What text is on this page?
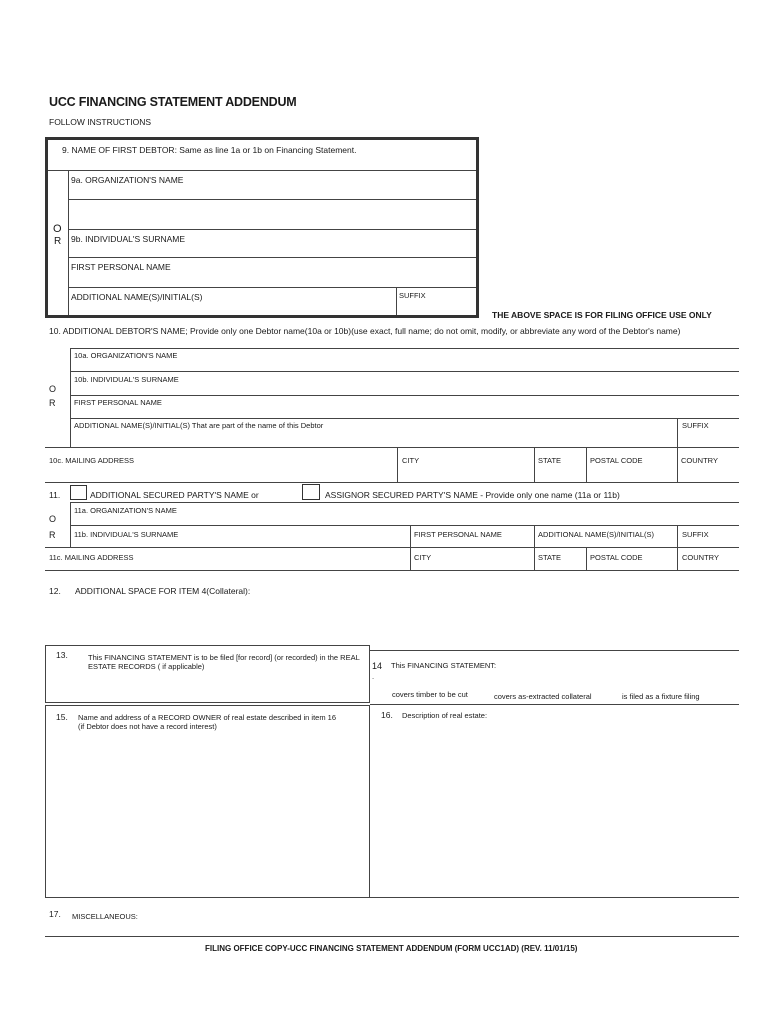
UCC FINANCING STATEMENT ADDENDUM
FOLLOW INSTRUCTIONS
9. NAME OF FIRST DEBTOR: Same as line 1a or 1b on Financing Statement.
9a. ORGANIZATION'S NAME
O
R 9b. INDIVIDUAL'S SURNAME
FIRST PERSONAL NAME
ADDITIONAL NAME(S)/INITIAL(S)	SUFFIX
THE ABOVE SPACE IS FOR FILING OFFICE USE ONLY
10. ADDITIONAL DEBTOR'S NAME; Provide only one Debtor name(10a or 10b)(use exact, full name; do not omit, modify, or abbreviate any word of the Debtor's name)
10a. ORGANIZATION'S NAME
O
R
10b. INDIVIDUAL'S SURNAME
FIRST PERSONAL NAME
ADDITIONAL NAME(S)/INITIAL(S) That are part of the name of this Debtor	SUFFIX
10c. MAILING ADDRESS	CITY	STATE	POSTAL CODE	COUNTRY
11.	ADDITIONAL SECURED PARTY'S NAME or	ASSIGNOR SECURED PARTY'S NAME - Provide only one name (11a or 11b)
11a. ORGANIZATION'S NAME
O
R 11b. INDIVIDUAL'S SURNAME	FIRST PERSONAL NAME	ADDITIONAL NAME(S)/INITIAL(S)	SUFFIX
11c. MAILING ADDRESS	CITY	STATE	POSTAL CODE	COUNTRY
12. ADDITIONAL SPACE FOR ITEM 4(Collateral):
13.	This FINANCING STATEMENT is to be filed [for record] (or recorded) in the REAL
ESTATE RECORDS ( if applicable)	14 This FINANCING STATEMENT:
.
covers timber to be cut	covers as-extracted collateral	is filed as a fixture filing
15. Name and address of a RECORD OWNER of real estate described in item 16
(if Debtor does not have a record interest)
16. Description of real estate:
17. MISCELLANEOUS:
FILING OFFICE COPY-UCC FINANCING STATEMENT ADDENDUM (FORM UCC1AD) (REV. 11/01/15)
